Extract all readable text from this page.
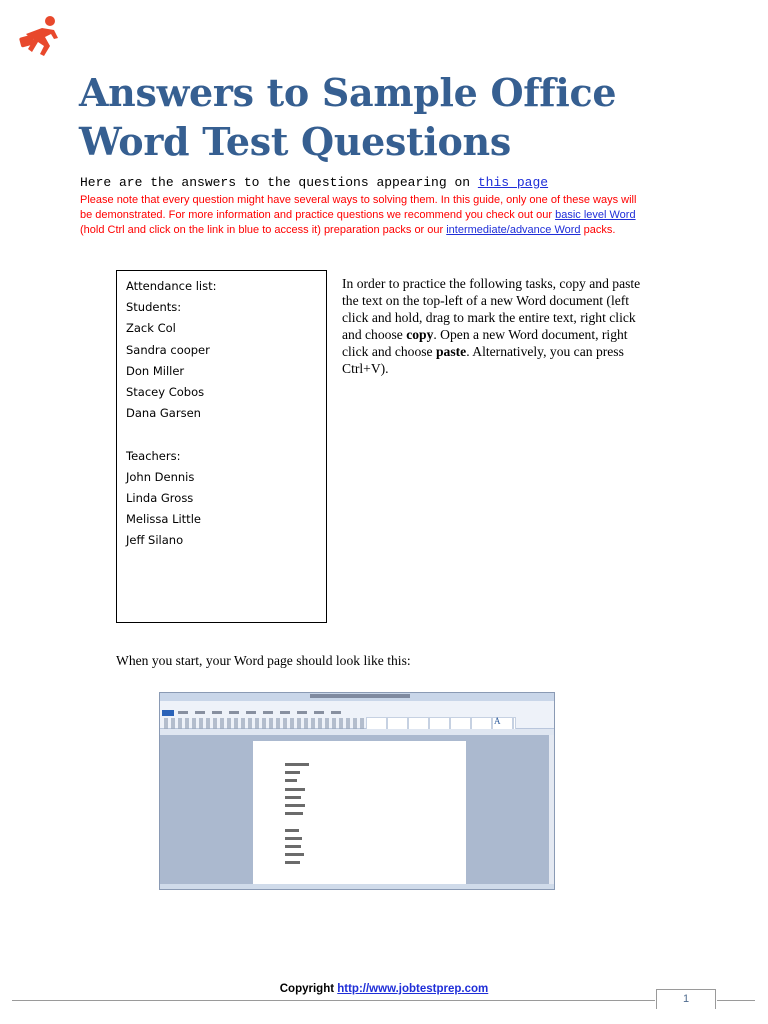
Answers to Sample Office
Word Test Questions

Here are the answers to the questions appearing on this page

Please note that every question might have several ways to solving them. In this guide, only one of these ways will be demonstrated. For more information and practice questions we recommend you check out our basic level Word (hold Ctrl and click on the link in blue to access it) preparation packs or our intermediate/advance Word packs.

Attendance list:
Students:
Zack Col
Sandra cooper
Don Miller
Stacey Cobos
Dana Garsen
Teachers:
John Dennis
Linda Gross
Melissa Little
Jeff Silano

In order to practice the following tasks, copy and paste the text on the top-left of a new Word document (left click and hold, drag to mark the entire text, right click and choose copy. Open a new Word document, right click and choose paste. Alternatively, you can press Ctrl+V).

When you start, your Word page should look like this:

A
Copyright http://www.jobtestprep.com
1
